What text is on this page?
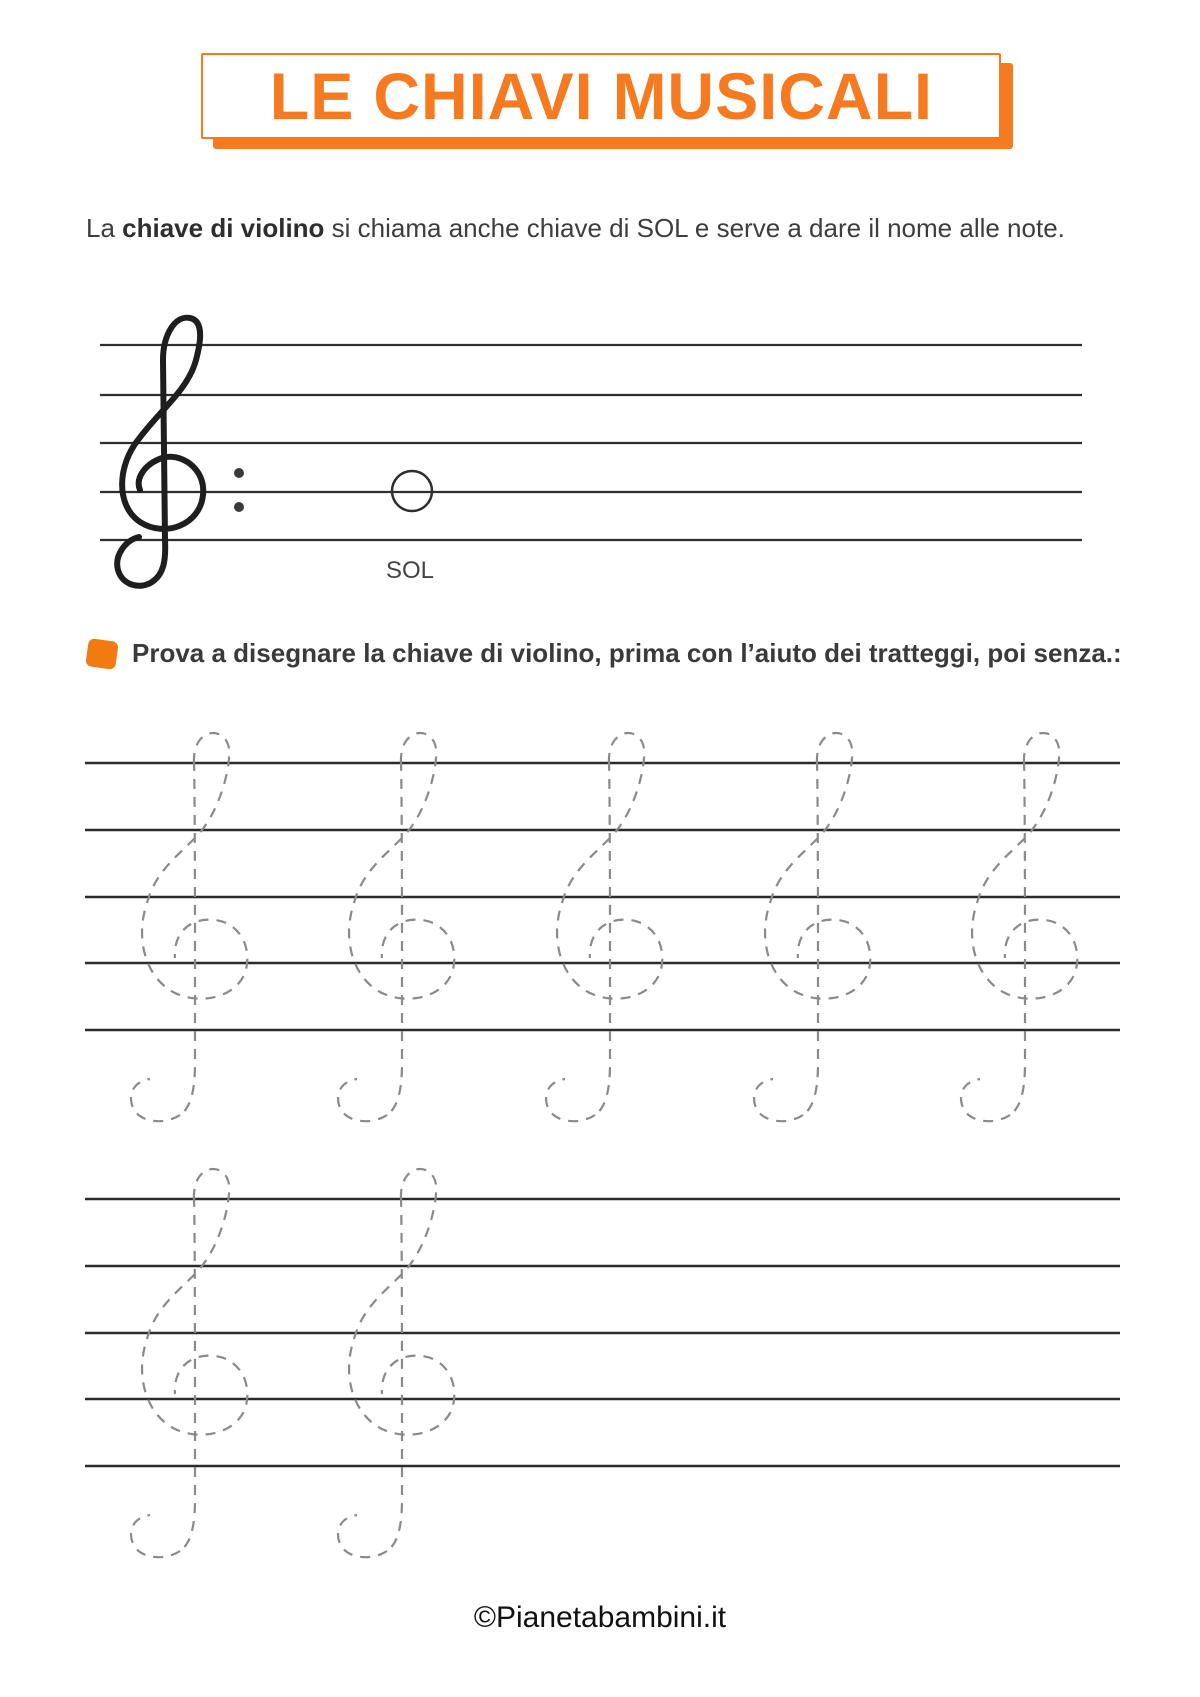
LE CHIAVI MUSICALI
La chiave di violino si chiama anche chiave di SOL e serve a dare il nome alle note.
SOL
Prova a disegnare la chiave di violino, prima con l’aiuto dei tratteggi, poi senza.:
©Pianetabambini.it
